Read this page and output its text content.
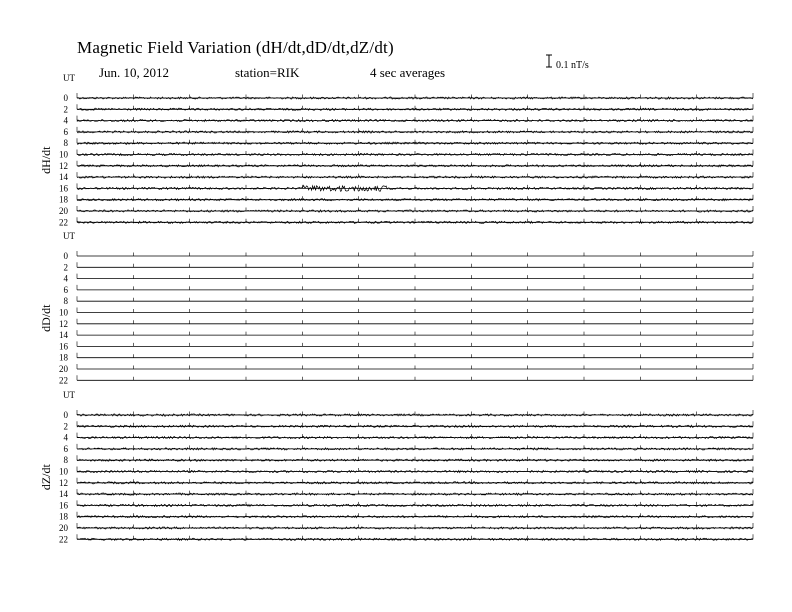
UT
dH/dt
0
2
4
6
8
10
12
14
16
18
20
22
UT
dD/dt
0
2
4
6
8
10
12
14
16
18
20
22
UT
dZ/dt
0
2
4
6
8
10
12
14
16
18
20
22
Magnetic Field Variation (dH/dt,dD/dt,dZ/dt)
Jun. 10, 2012	station=RIK	4 sec averages	0.1 nT/s
